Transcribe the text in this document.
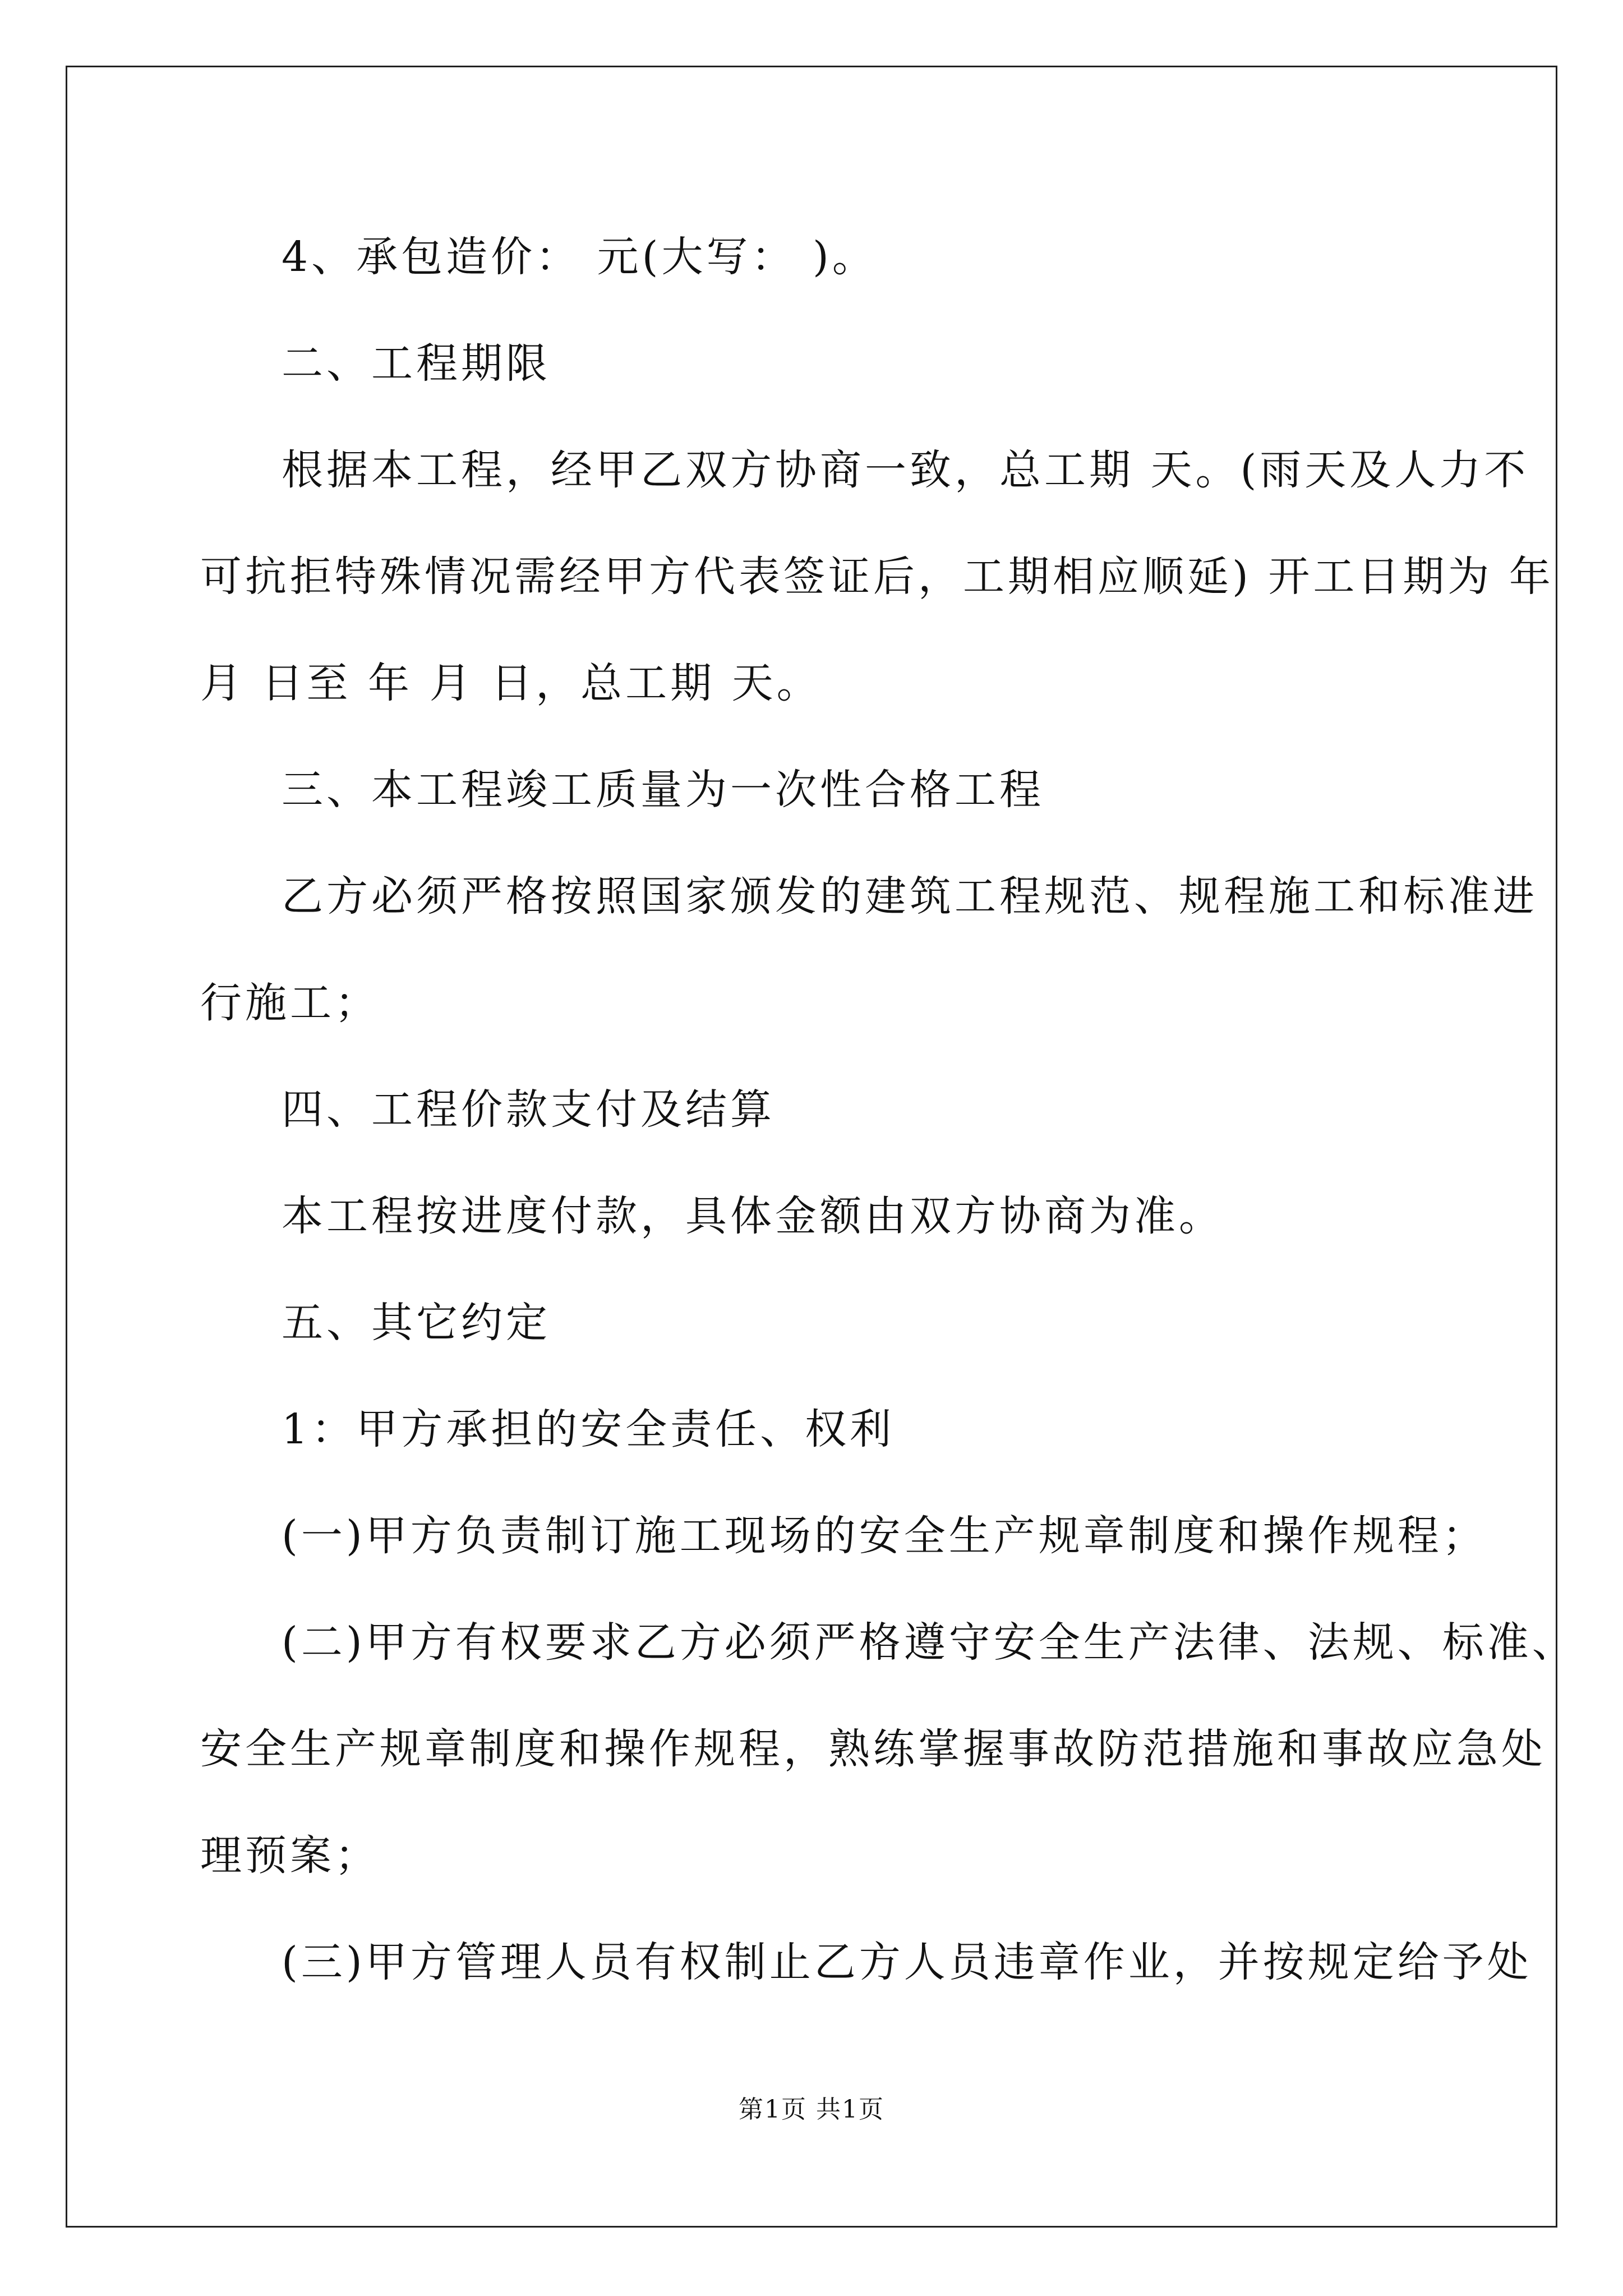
4、承包造价： 元(大写： )。
二、工程期限
根据本工程，经甲乙双方协商一致，总工期 天。(雨天及人力不
可抗拒特殊情况需经甲方代表签证后，工期相应顺延) 开工日期为 年
月 日至 年 月 日，总工期 天。
三、本工程竣工质量为一次性合格工程
乙方必须严格按照国家颁发的建筑工程规范、规程施工和标准进
行施工；
四、工程价款支付及结算
本工程按进度付款，具体金额由双方协商为准。
五、其它约定
1：甲方承担的安全责任、权利
(一)甲方负责制订施工现场的安全生产规章制度和操作规程；
(二)甲方有权要求乙方必须严格遵守安全生产法律、法规、标准、
安全生产规章制度和操作规程，熟练掌握事故防范措施和事故应急处
理预案；
(三)甲方管理人员有权制止乙方人员违章作业，并按规定给予处
第1页 共1页
